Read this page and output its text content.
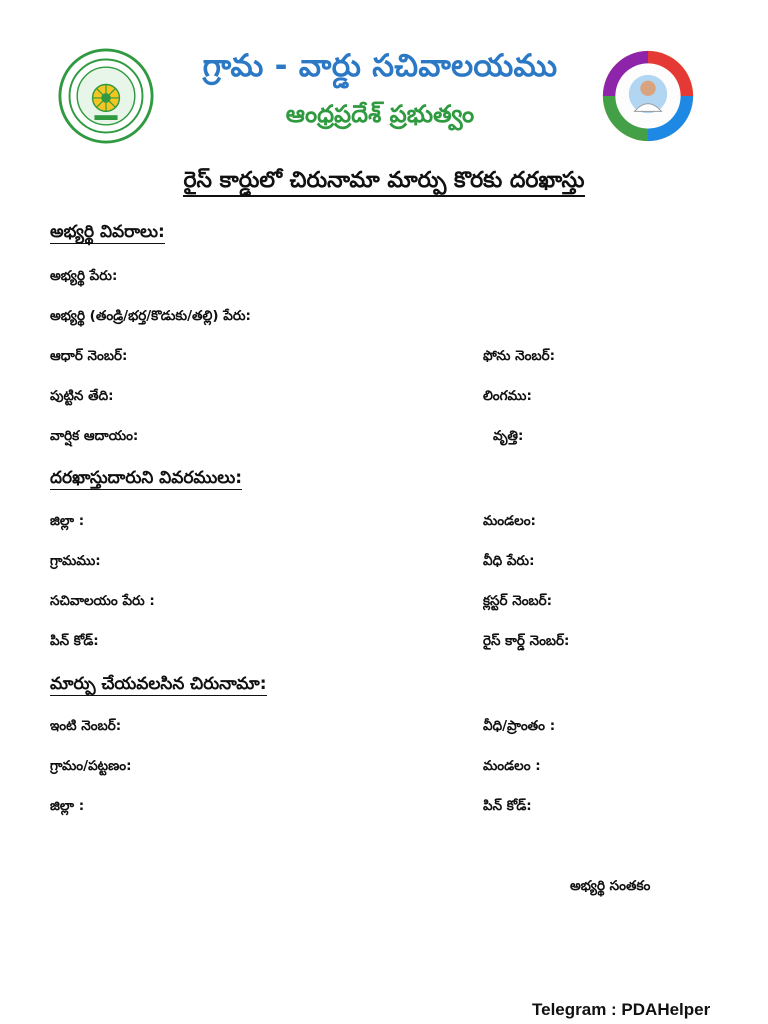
గ్రామ - వార్డు సచివాలయము
ఆంధ్రప్రదేశ్ ప్రభుత్వం
రైస్ కార్డులో చిరునామా మార్పు కొరకు దరఖాస్తు
అభ్యర్థి వివరాలు:
అభ్యర్థి పేరు:
అభ్యర్థి (తండ్రి/భర్త/కొడుకు/తల్లి) పేరు:
ఆధార్ నెంబర్:	ఫోను నెంబర్:
పుట్టిన తేది:	లింగము:
వార్షిక ఆదాయం:	వృత్తి:
దరఖాస్తుదారుని వివరములు:
జిల్లా :	మండలం:
గ్రామము:	వీధి పేరు:
సచివాలయం పేరు :	క్లస్టర్ నెంబర్:
పిన్ కోడ్:	రైస్ కార్డ్ నెంబర్:
మార్పు చేయవలసిన చిరునామా:
ఇంటి నెంబర్:	వీధి/ప్రాంతం :
గ్రామం/పట్టణం:	మండలం :
జిల్లా :	పిన్ కోడ్:
అభ్యర్థి సంతకం
Telegram : PDAHelper
